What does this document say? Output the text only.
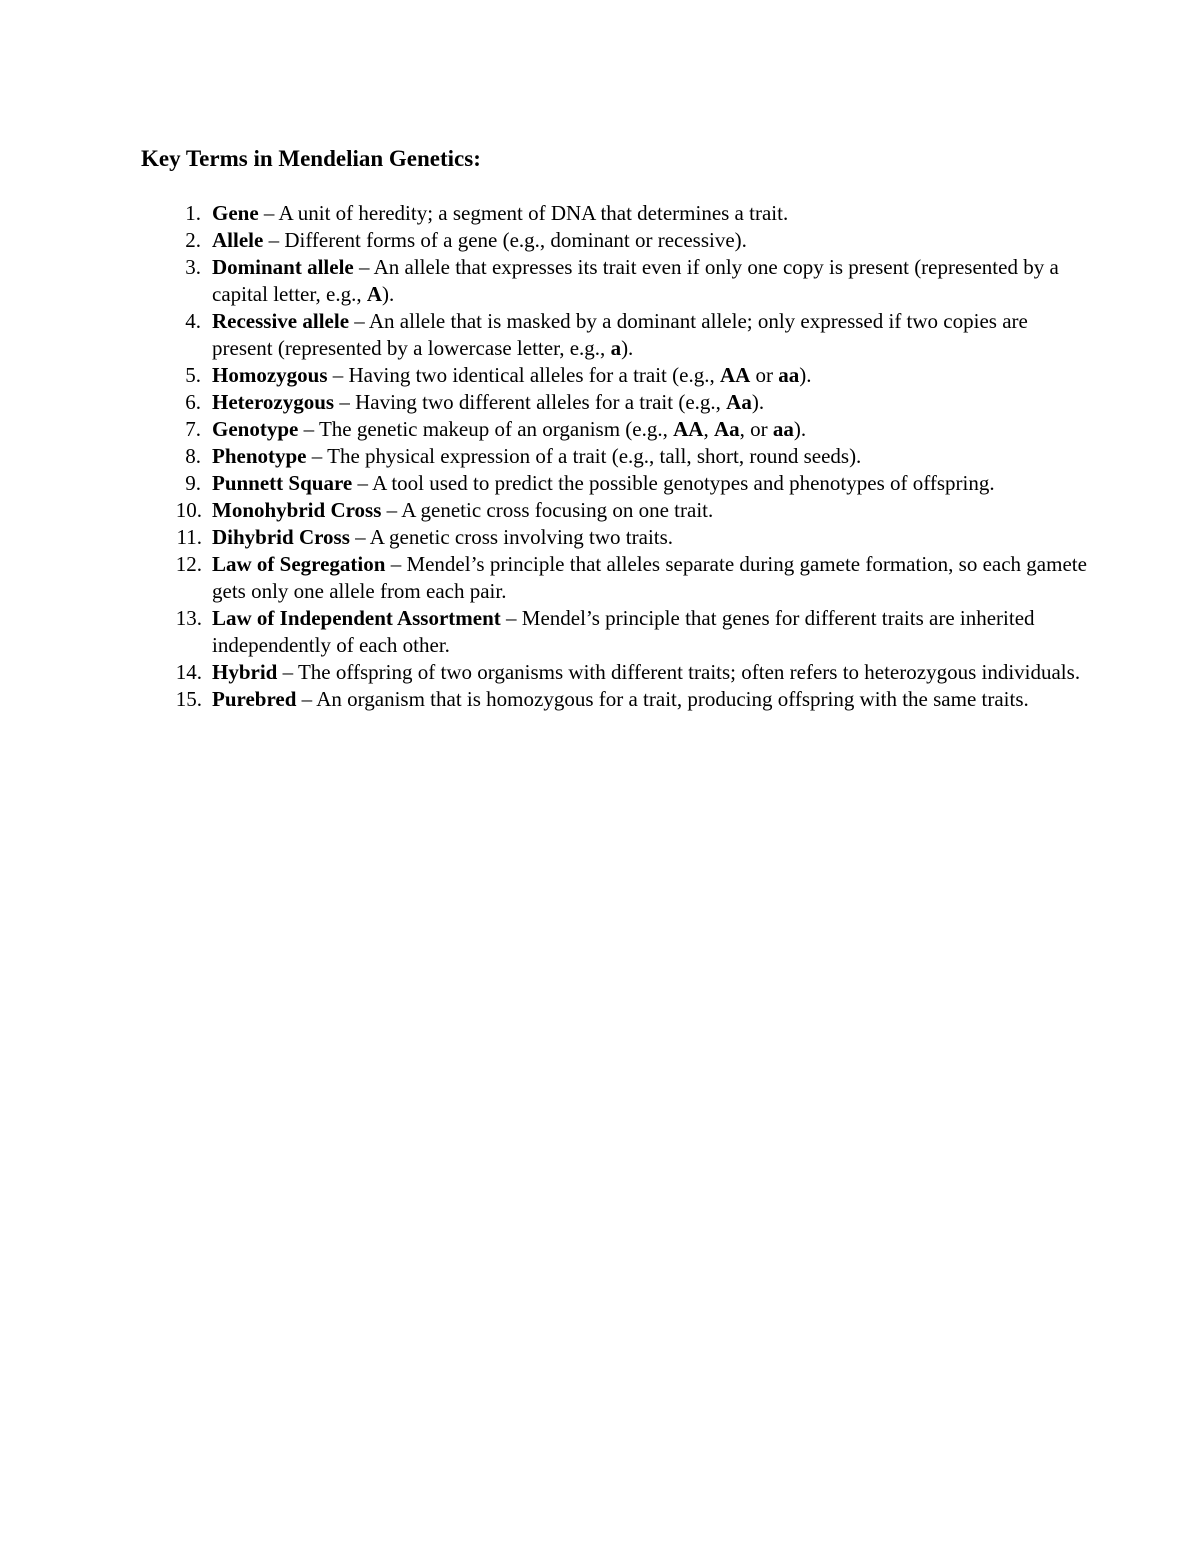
Key Terms in Mendelian Genetics:
1. Gene – A unit of heredity; a segment of DNA that determines a trait.
2. Allele – Different forms of a gene (e.g., dominant or recessive).
3. Dominant allele – An allele that expresses its trait even if only one copy is present (represented by a capital letter, e.g., A).
4. Recessive allele – An allele that is masked by a dominant allele; only expressed if two copies are present (represented by a lowercase letter, e.g., a).
5. Homozygous – Having two identical alleles for a trait (e.g., AA or aa).
6. Heterozygous – Having two different alleles for a trait (e.g., Aa).
7. Genotype – The genetic makeup of an organism (e.g., AA, Aa, or aa).
8. Phenotype – The physical expression of a trait (e.g., tall, short, round seeds).
9. Punnett Square – A tool used to predict the possible genotypes and phenotypes of offspring.
10. Monohybrid Cross – A genetic cross focusing on one trait.
11. Dihybrid Cross – A genetic cross involving two traits.
12. Law of Segregation – Mendel’s principle that alleles separate during gamete formation, so each gamete gets only one allele from each pair.
13. Law of Independent Assortment – Mendel’s principle that genes for different traits are inherited independently of each other.
14. Hybrid – The offspring of two organisms with different traits; often refers to heterozygous individuals.
15. Purebred – An organism that is homozygous for a trait, producing offspring with the same traits.
